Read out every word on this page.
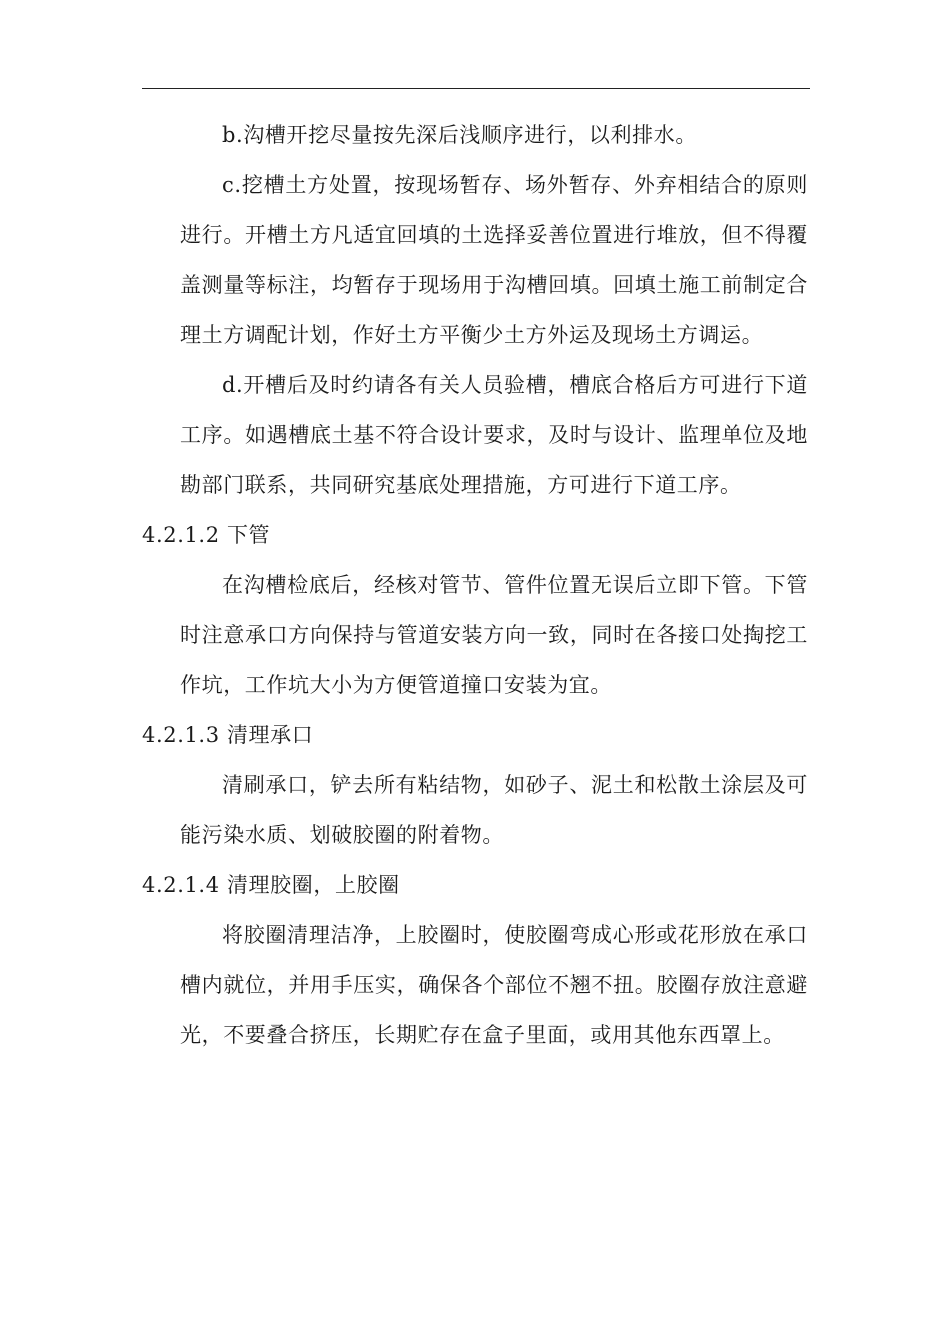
b.沟槽开挖尽量按先深后浅顺序进行，以利排水。

c.挖槽土方处置，按现场暂存、场外暂存、外弃相结合的原则进行。开槽土方凡适宜回填的土选择妥善位置进行堆放，但不得覆盖测量等标注，均暂存于现场用于沟槽回填。回填土施工前制定合理土方调配计划，作好土方平衡少土方外运及现场土方调运。

d.开槽后及时约请各有关人员验槽，槽底合格后方可进行下道工序。如遇槽底土基不符合设计要求，及时与设计、监理单位及地勘部门联系，共同研究基底处理措施，方可进行下道工序。

4.2.1.2 下管

在沟槽检底后，经核对管节、管件位置无误后立即下管。下管时注意承口方向保持与管道安装方向一致，同时在各接口处掏挖工作坑，工作坑大小为方便管道撞口安装为宜。

4.2.1.3 清理承口

清刷承口，铲去所有粘结物，如砂子、泥土和松散土涂层及可能污染水质、划破胶圈的附着物。

4.2.1.4 清理胶圈，上胶圈

将胶圈清理洁净，上胶圈时，使胶圈弯成心形或花形放在承口槽内就位，并用手压实，确保各个部位不翘不扭。胶圈存放注意避光，不要叠合挤压，长期贮存在盒子里面，或用其他东西罩上。
